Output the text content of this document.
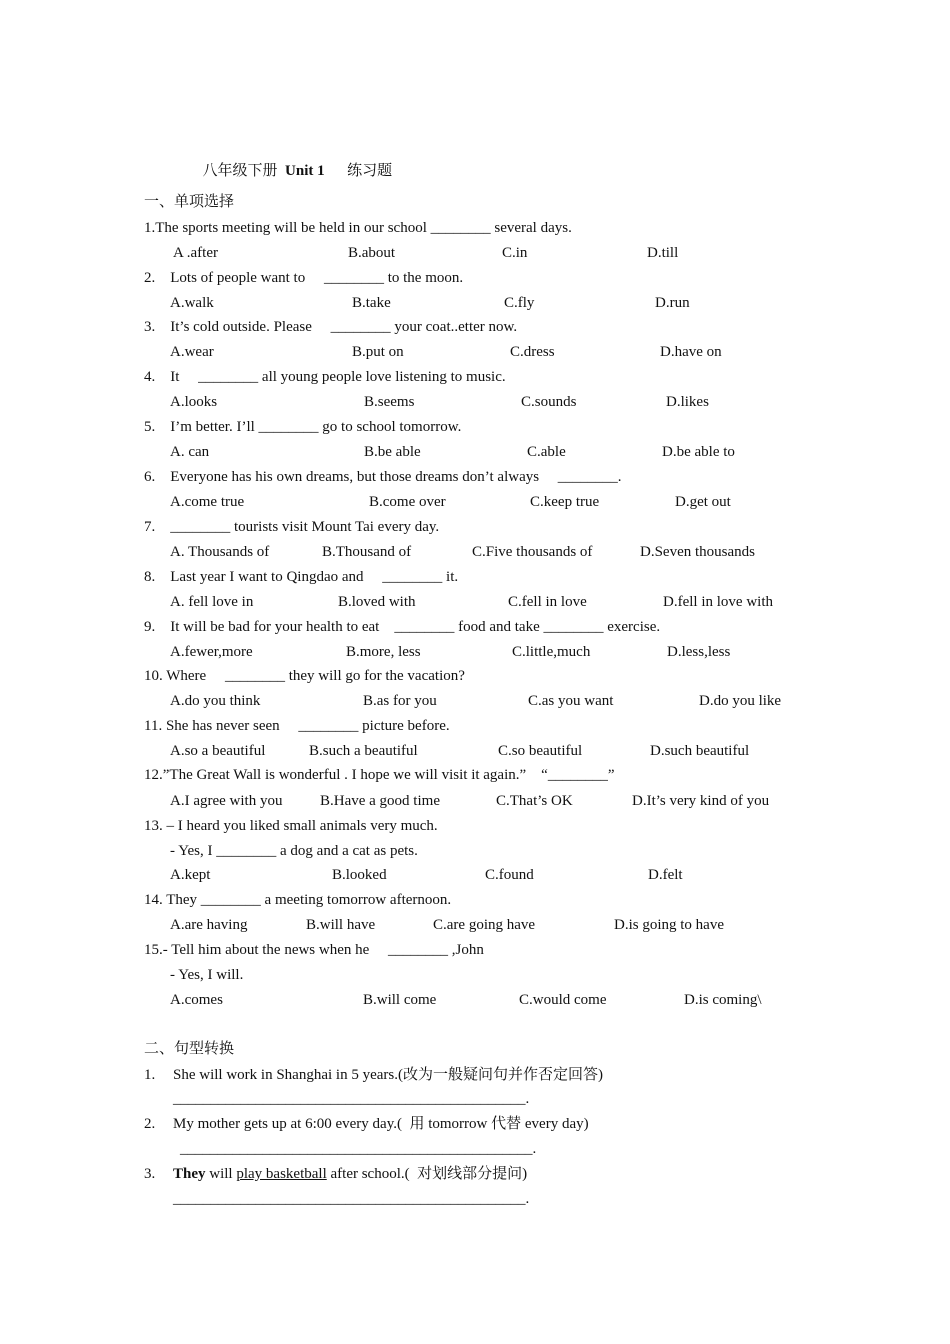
八年级下册 Unit 1 练习题

一、单项选择
1.The sports meeting will be held in our school ________ several days.
A .after	B.about	C.in	D.till
2.    Lots of people want to     ________ to the moon.
A.walk	B.take	C.fly	D.run
3.    It’s cold outside. Please     ________ your coat..etter now.
A.wear	B.put on	C.dress	D.have on
4.    It     ________ all young people love listening to music.
A.looks	B.seems	C.sounds	D.likes
5.    I’m better. I’ll ________ go to school tomorrow.
A. can	B.be able	C.able	D.be able to
6.    Everyone has his own dreams, but those dreams don’t always     ________.
A.come true	B.come over	C.keep true	D.get out
7.    ________ tourists visit Mount Tai every day.
A. Thousands of	B.Thousand of	C.Five thousands of	D.Seven thousands
8.    Last year I want to Qingdao and     ________ it.
A. fell love in	B.loved with	C.fell in love	D.fell in love with
9.    It will be bad for your health to eat    ________ food and take ________ exercise.
A.fewer,more	B.more, less	C.little,much	D.less,less
10. Where     ________ they will go for the vacation?
A.do you think	B.as for you	C.as you want	D.do you like
11. She has never seen     ________ picture before.
A.so a beautiful	B.such a beautiful	C.so beautiful	D.such beautiful
12.”The Great Wall is wonderful . I hope we will visit it again.”    “________”
A.I agree with you	B.Have a good time	C.That’s OK	D.It’s very kind of you
13. – I heard you liked small animals very much.
- Yes, I ________ a dog and a cat as pets.
A.kept	B.looked	C.found	D.felt
14. They ________ a meeting tomorrow afternoon.
A.are having	B.will have	C.are going have	D.is going to have
15.- Tell him about the news when he     ________ ,John
- Yes, I will.
A.comes	B.will come	C.would come	D.is coming\
二、句型转换
1. She will work in Shanghai in 5 years.(改为一般疑问句并作否定回答)
_______________________________________________.
2. My mother gets up at 6:00 every day.(  用 tomorrow 代替 every day)
_______________________________________________.
3. They will play basketball after school.(  对划线部分提问)
_______________________________________________.
